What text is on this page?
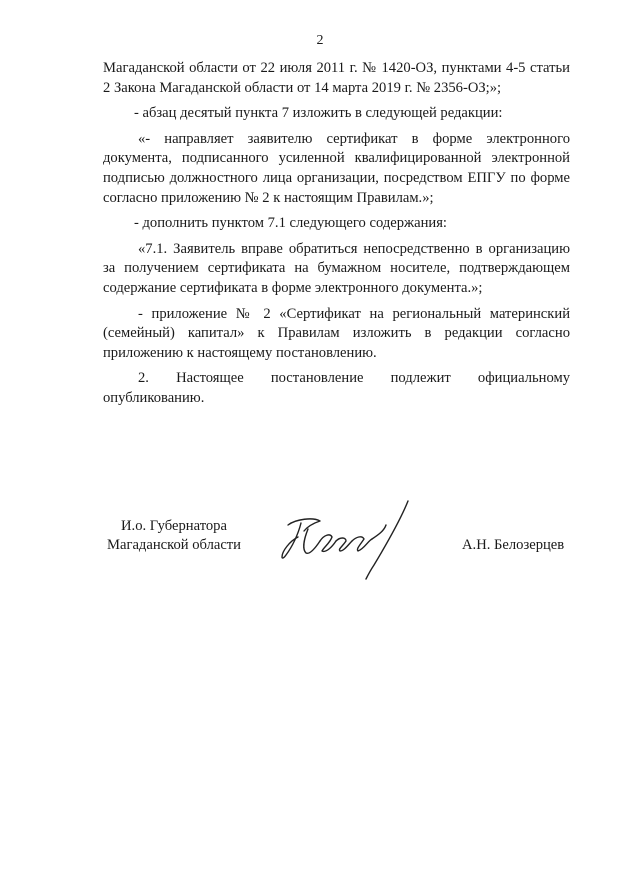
2
Магаданской области от 22 июля 2011 г. № 1420-ОЗ, пунктами 4-5 статьи
2 Закона Магаданской области от 14 марта 2019 г. № 2356-ОЗ;»;
- абзац десятый пункта 7 изложить в следующей редакции:
«- направляет заявителю сертификат в форме электронного
документа, подписанного усиленной квалифицированной электронной
подписью должностного лица организации, посредством ЕПГУ по форме
согласно приложению № 2 к настоящим Правилам.»;
- дополнить пунктом 7.1 следующего содержания:
«7.1. Заявитель вправе обратиться непосредственно в организацию
за получением сертификата на бумажном носителе, подтверждающем
содержание сертификата в форме электронного документа.»;
- приложение № 2 «Сертификат на региональный материнский
(семейный) капитал» к Правилам изложить в редакции согласно
приложению к настоящему постановлению.
2. Настоящее постановление подлежит официальному
опубликованию.
И.о. Губернатора
Магаданской области	А.Н. Белозерцев
